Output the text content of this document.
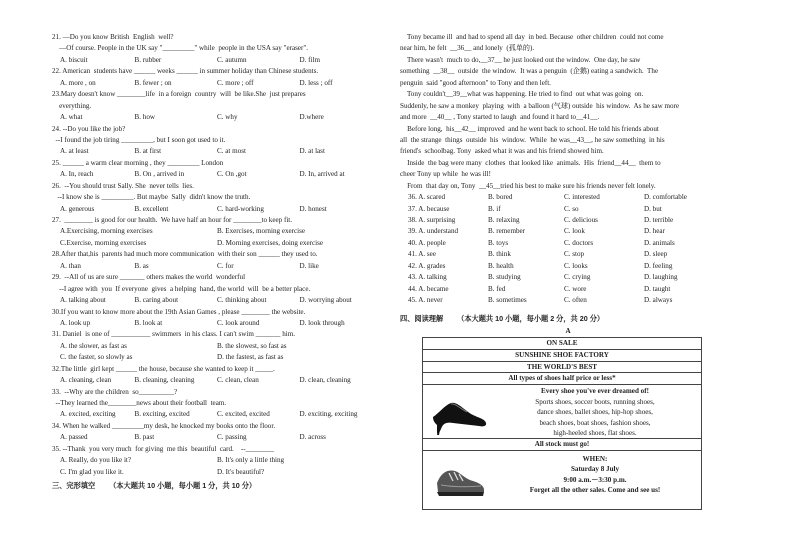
21. —Do you know British  English  well?
—Of course. People in the UK say "_________" while  people in the USA say "eraser".
A. biscuit	B. rubber	C. autumn	D. film
22. American  students have ______ weeks ______ in summer holiday than Chinese students.
A. more , on	B. fewer ; on	C. more ; off	D. less ; off
23.Mary doesn't know ________life  in a foreign  country  will  be like.She  just prepares
everything.
A. what	B. how	C. why	D.where
24. --Do you like the job?
--I found the job tiring _________, but I soon got used to it.
A. at least	B. at first	C. at most	D. at last
25. ______ a warm clear morning , they _________ London
A. In, reach	B. On , arrived in	C. On ,got	D. In, arrived at
26.  --You should trust Sally. She  never tells  lies.
--I know she is _________. But maybe  Sally  didn't know the truth.
A. generous	B. excellent	C. hard-working	D. honest
27.  ________ is good for our health.  We have half an hour for ________to keep fit.
A.Exercising, morning exercises	B. Exercises, morning exercise
C.Exercise, morning exercises	D. Morning exercises, doing exercise
28.After that,his  parents had much more communication  with their son ______ they used to.
A. than	B. as	C. for	D. like
29.  --All of us are sure _______ others makes the world  wonderful
--I agree with  you  If everyone  gives  a helping  hand, the world  will  be a better place.
A. talking about	B. caring about	C. thinking about	D. worrying about
30.If you want to know more about the 19th Asian Games , please ________ the website.
A. look up	B. look at	C. look around	D. look through
31. Daniel  is one of ___________ swimmers  in his class. I can't swim _______ him.
A. the slower, as fast as	B. the slowest, so fast as
C. the faster, so slowly as	D. the fastest, as fast as
32.The little  girl kept ______ the house, because she wanted to keep it _____.
A. cleaning, clean	B. cleaning, cleaning	C. clean, clean	D. clean, cleaning
33.  --Why are the children  so__________?
--They learned the________news about their football  team.
A. excited, exciting	B. exciting, excited	C. excited, excited	D. exciting, exciting
34. When he walked _________my desk, he knocked my books onto the floor.
A. passed	B. past	C. passing	D. across
35. --Thank  you very much  for giving  me this  beautiful  card.    --________
A. Really, do you like it?	B. It's only a little thing
C. I'm glad you like it.	D. It's beautiful?
三、完形填空 （本大题共 10 小题，每小题 1 分，共 10 分）
Tony became ill  and had to spend all day  in bed. Because  other children  could not come
near him, he felt  __36__ and lonely  (孤单的).
There wasn't  much to do,__37__ he just looked out the window.  One day, he saw
something  __38__  outside  the window.  It was a penguin  (企鹅) eating a sandwich.  The
penguin  said "good afternoon" to Tony and then left.
Tony couldn't__39__what was happening. He tried to find  out what was going  on.
Suddenly, he saw a monkey  playing  with  a balloon (气球) outside  his window.  As he saw more
and more  __40__ , Tony started to laugh  and found it hard to__41__.
Before long,  his__42__ improved  and he went back to school. He told his friends about
all  the strange  things  outside  his  window.  While  he was__43__, he saw something  in his
friend's  schoolbag. Tony  asked what it was and his friend showed him.
Inside  the bag were many  clothes  that looked like  animals.  His  friend__44__  them to
cheer Tony up while  he was ill!
From  that day on, Tony  __45__tried his best to make sure his friends never felt lonely.
36. A. scared	B. bored	C. interested	D. comfortable
37. A. because	B. if	C. so	D. but
38. A. surprising	B. relaxing	C. delicious	D. terrible
39. A. understand	B. remember	C. look	D. hear
40. A. people	B. toys	C. doctors	D. animals
41. A. see	B. think	C. stop	D. sleep
42. A. grades	B. health	C. looks	D. feeling
43. A. talking	B. studying	C. crying	D. laughing
44. A. became	B. fed	C. wore	D. taught
45. A. never	B. sometimes	C. often	D. always
四、阅读理解 （本大题共 10 小题，每小题 2 分，共 20 分）
A
ON SALE
SUNSHINE SHOE FACTORY
THE WORLD'S BEST
All types of shoes half price or less*
Every shoe you've ever dreamed of!
Sports shoes, soccer boots, running shoes,
dance shoes, ballet shoes, hip-hop shoes,
beach shoes, boat shoes, fashion shoes,
high-heeled shoes, flat shoes.
All stock must go!
WHEN:
Saturday 8 July
9:00 a.m.－3:30 p.m.
Forget all the other sales. Come and see us!
